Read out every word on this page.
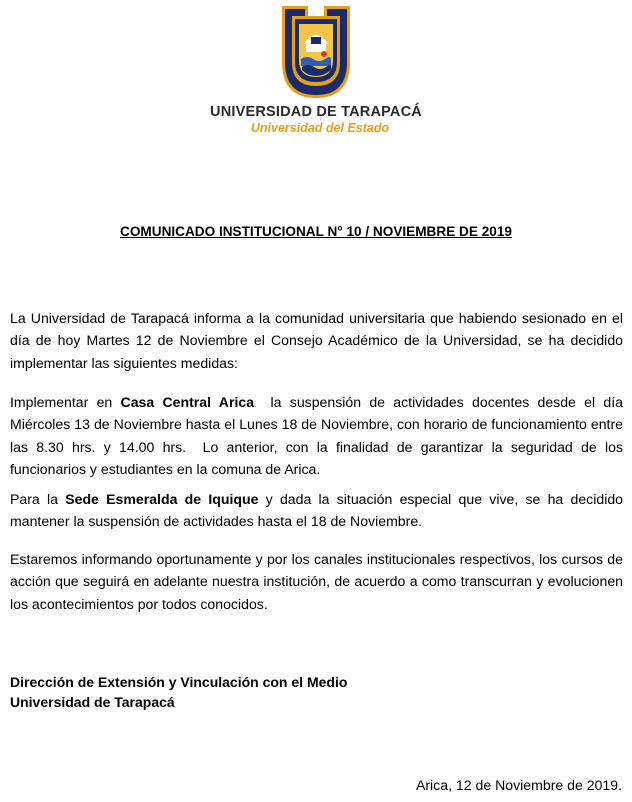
UNIVERSIDAD DE TARAPACÁ
Universidad del Estado
COMUNICADO INSTITUCIONAL N° 10 / NOVIEMBRE DE 2019
La Universidad de Tarapacá informa a la comunidad universitaria que habiendo sesionado en el día de hoy Martes 12 de Noviembre el Consejo Académico de la Universidad, se ha decidido implementar las siguientes medidas:
Implementar en Casa Central Arica  la suspensión de actividades docentes desde el día Miércoles 13 de Noviembre hasta el Lunes 18 de Noviembre, con horario de funcionamiento entre las 8.30 hrs. y 14.00 hrs.  Lo anterior, con la finalidad de garantizar la seguridad de los funcionarios y estudiantes en la comuna de Arica.
Para la Sede Esmeralda de Iquique y dada la situación especial que vive, se ha decidido mantener la suspensión de actividades hasta el 18 de Noviembre.
Estaremos informando oportunamente y por los canales institucionales respectivos, los cursos de acción que seguirá en adelante nuestra institución, de acuerdo a como transcurran y evolucionen los acontecimientos por todos conocidos.
Dirección de Extensión y Vinculación con el Medio
Universidad de Tarapacá
Arica, 12 de Noviembre de 2019.
